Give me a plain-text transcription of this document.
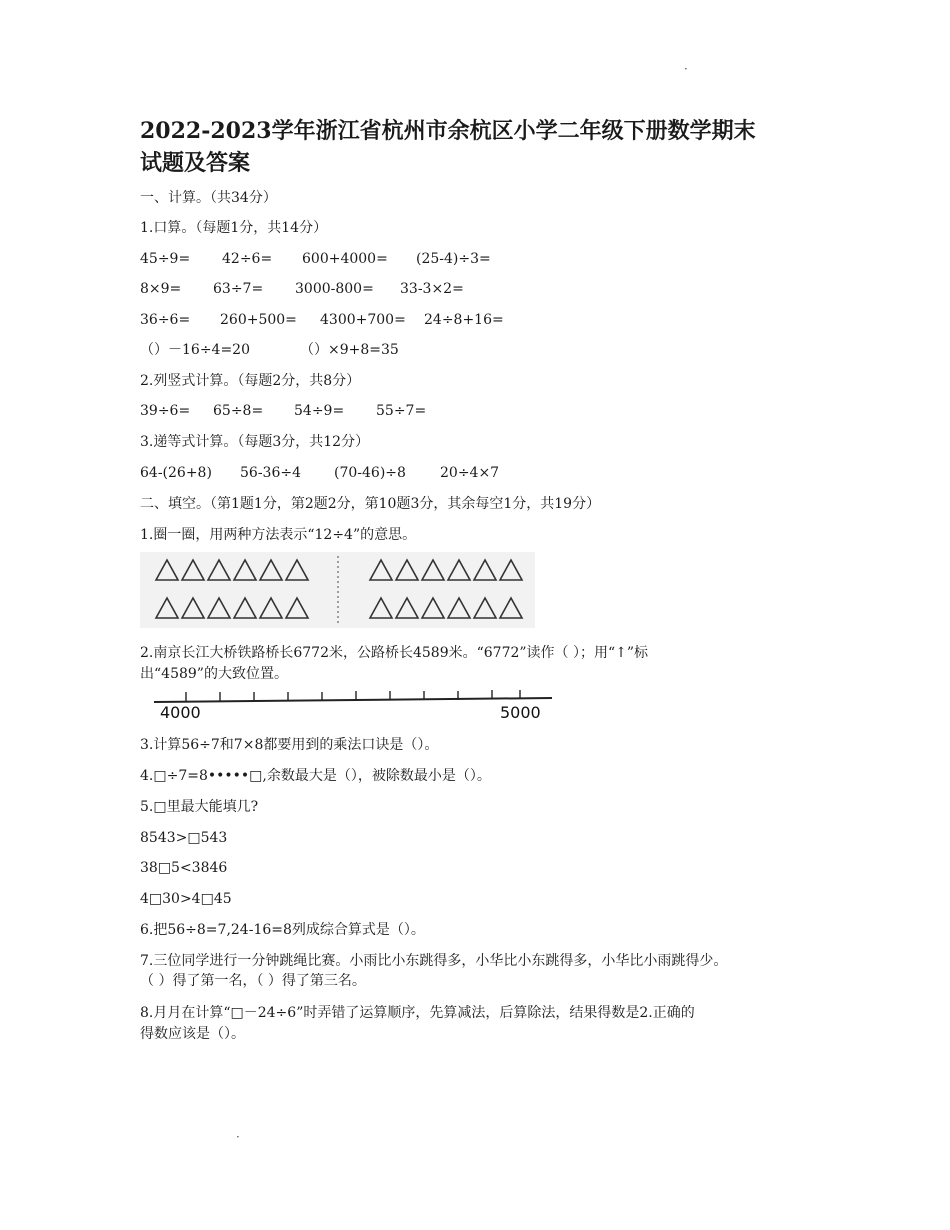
·
2022-2023学年浙江省杭州市余杭区小学二年级下册数学期末
试题及答案
一、计算。（共34分）
1.口算。（每题1分，共14分）
45÷9= 42÷6= 600+4000= (25-4)÷3=
8×9= 63÷7= 3000-800= 33-3×2=
36÷6= 260+500= 4300+700= 24÷8+16=
（）－16÷4=20	（）×9+8=35
2.列竖式计算。（每题2分，共8分）
39÷6= 65÷8= 54÷9= 55÷7=
3.递等式计算。（每题3分，共12分）
64-(26+8) 56-36÷4 (70-46)÷8 20÷4×7
二、填空。（第1题1分，第2题2分，第10题3分，其余每空1分，共19分）
1.圈一圈，用两种方法表示“12÷4”的意思。
2.南京长江大桥铁路桥长6772米，公路桥长4589米。“6772”读作（ ）；用“↑”标
出“4589”的大致位置。
4000	5000
3.计算56÷7和7×8都要用到的乘法口诀是（）。
4.□÷7=8•••••□,余数最大是（），被除数最小是（）。
5.□里最大能填几?
8543>□543
38□5<3846
4□30>4□45
6.把56÷8=7,24-16=8列成综合算式是（）。
7.三位同学进行一分钟跳绳比赛。小雨比小东跳得多，小华比小东跳得多，小华比小雨跳得少。
（ ）得了第一名，（ ）得了第三名。
8.月月在计算“□－24÷6”时弄错了运算顺序，先算减法，后算除法，结果得数是2.正确的
得数应该是（）。
·
